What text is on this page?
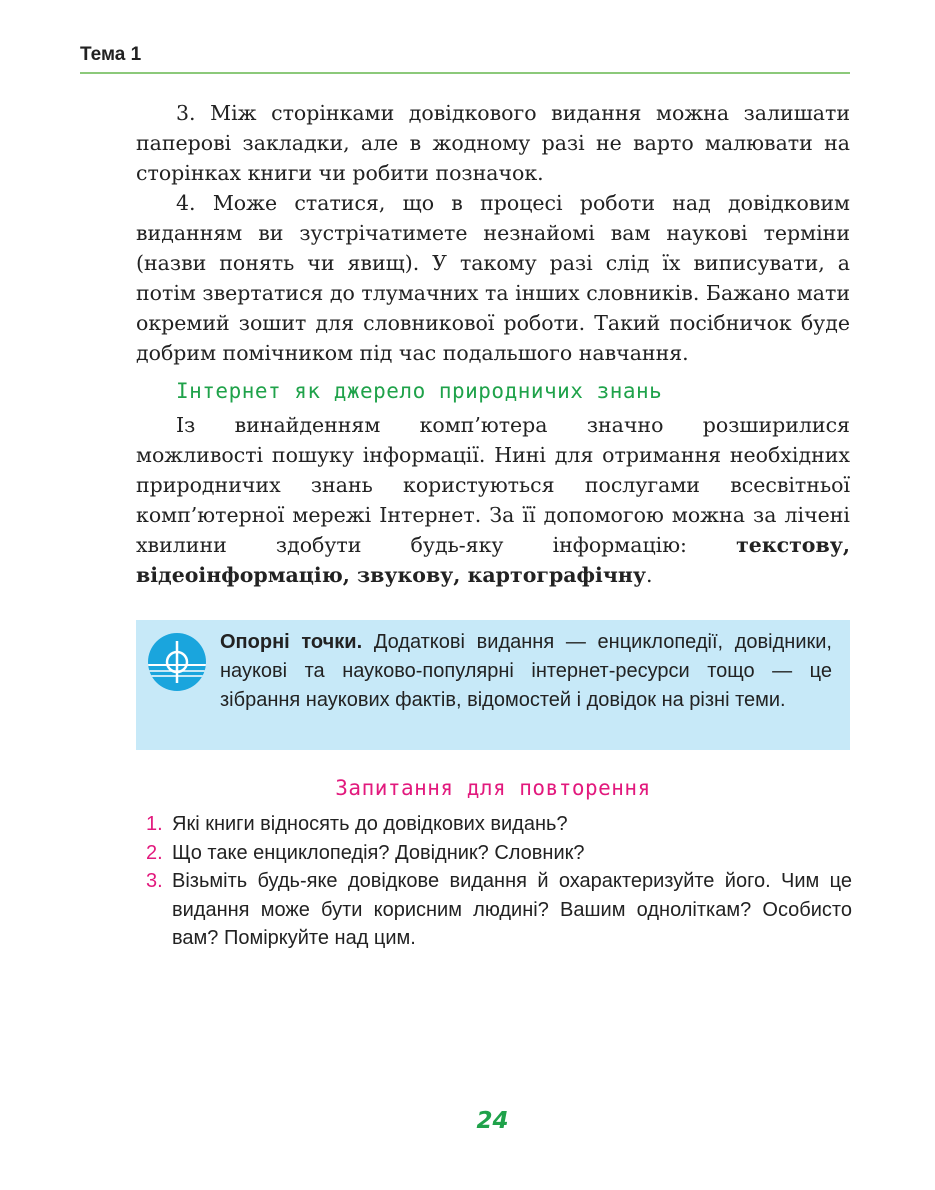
Тема 1

3. Між сторінками довідкового видання можна залишати паперові закладки, але в жодному разі не варто малювати на сторінках книги чи робити позначок.

4. Може статися, що в процесі роботи над довідковим виданням ви зустрічатимете незнайомі вам наукові терміни (назви понять чи явищ). У такому разі слід їх виписувати, а потім звертатися до тлумачних та інших словників. Бажано мати окремий зошит для словникової роботи. Такий посібничок буде добрим помічником під час подальшого навчання.

Інтернет як джерело природничих знань

Із винайденням комп’ютера значно розширилися можливості пошуку інформації. Нині для отримання необхідних природничих знань користуються послугами всесвітньої комп’ютерної мережі Інтернет. За її допомогою можна за лічені хвилини здобути будь-яку інформацію: текстову, відеоінформацію, звукову, картографічну.

Опорні точки. Додаткові видання — енциклопедії, довідники, наукові та науково-популярні інтернет-ресурси тощо — це зібрання наукових фактів, відомостей і довідок на різні теми.
Запитання для повторення
1. Які книги відносять до довідкових видань?
2. Що таке енциклопедія? Довідник? Словник?
3. Візьміть будь-яке довідкове видання й охарактеризуйте його. Чим це видання може бути корисним людині? Вашим одноліткам? Особисто вам? Поміркуйте над цим.
24
